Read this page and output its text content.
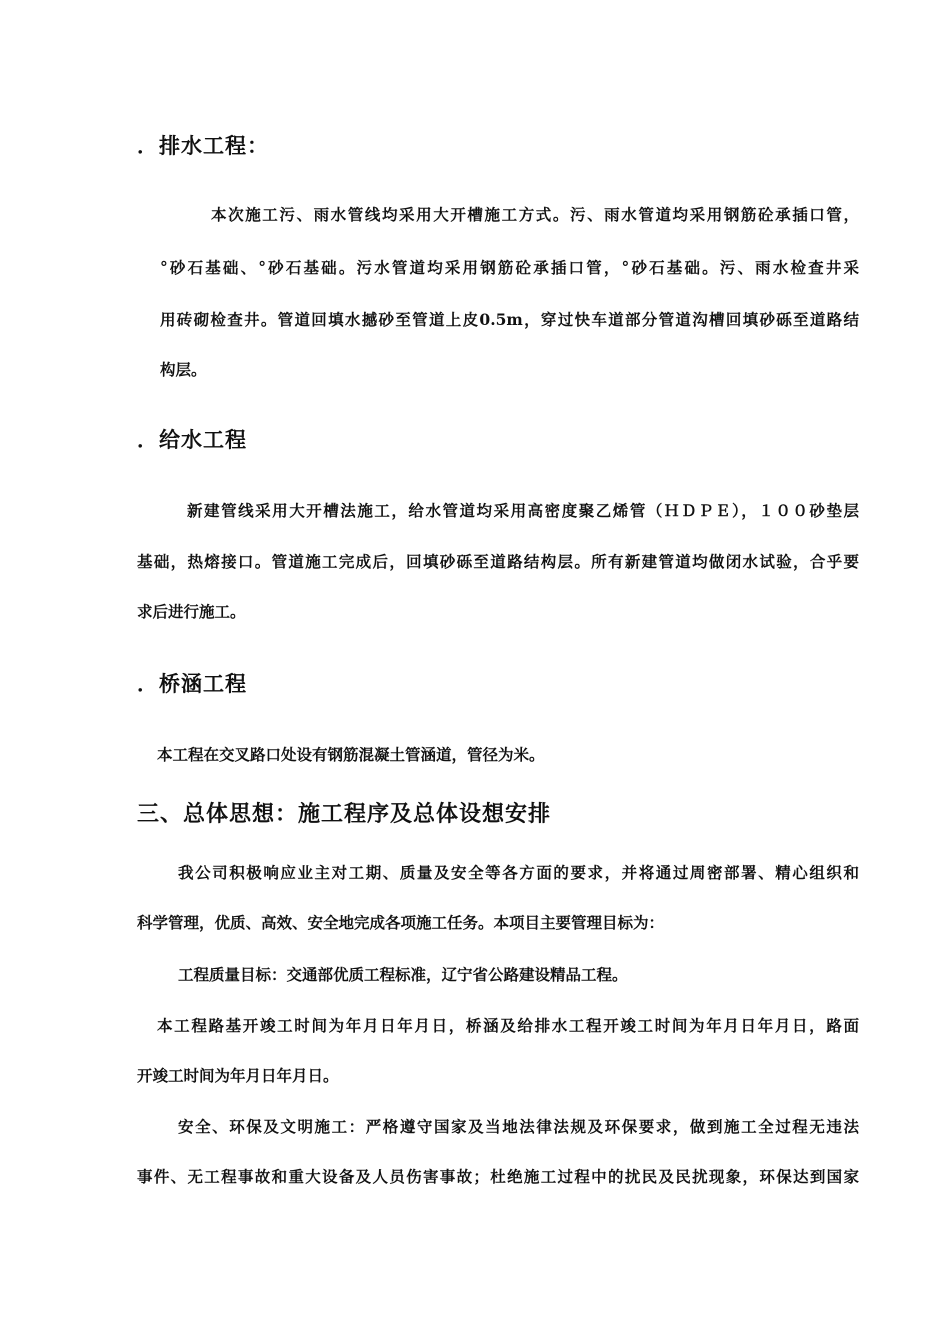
．排水工程：
本次施工污、雨水管线均采用大开槽施工方式。污、雨水管道均采用钢筋砼承插口管，
°砂石基础、°砂石基础。污水管道均采用钢筋砼承插口管，°砂石基础。污、雨水检查井采
用砖砌检查井。管道回填水撼砂至管道上皮0.5m，穿过快车道部分管道沟槽回填砂砾至道路结
构层。
．给水工程
新建管线采用大开槽法施工，给水管道均采用高密度聚乙烯管（ＨＤＰＥ），１００砂垫层
基础，热熔接口。管道施工完成后，回填砂砾至道路结构层。所有新建管道均做闭水试验，合乎要
求后进行施工。
．桥涵工程
本工程在交叉路口处设有钢筋混凝土管涵道，管径为米。
三、总体思想：施工程序及总体设想安排
我公司积极响应业主对工期、质量及安全等各方面的要求，并将通过周密部署、精心组织和
科学管理，优质、高效、安全地完成各项施工任务。本项目主要管理目标为：
工程质量目标：交通部优质工程标准，辽宁省公路建设精品工程。
本工程路基开竣工时间为年月日年月日，桥涵及给排水工程开竣工时间为年月日年月日，路面
开竣工时间为年月日年月日。
安全、环保及文明施工：严格遵守国家及当地法律法规及环保要求，做到施工全过程无违法
事件、无工程事故和重大设备及人员伤害事故；杜绝施工过程中的扰民及民扰现象，环保达到国家
